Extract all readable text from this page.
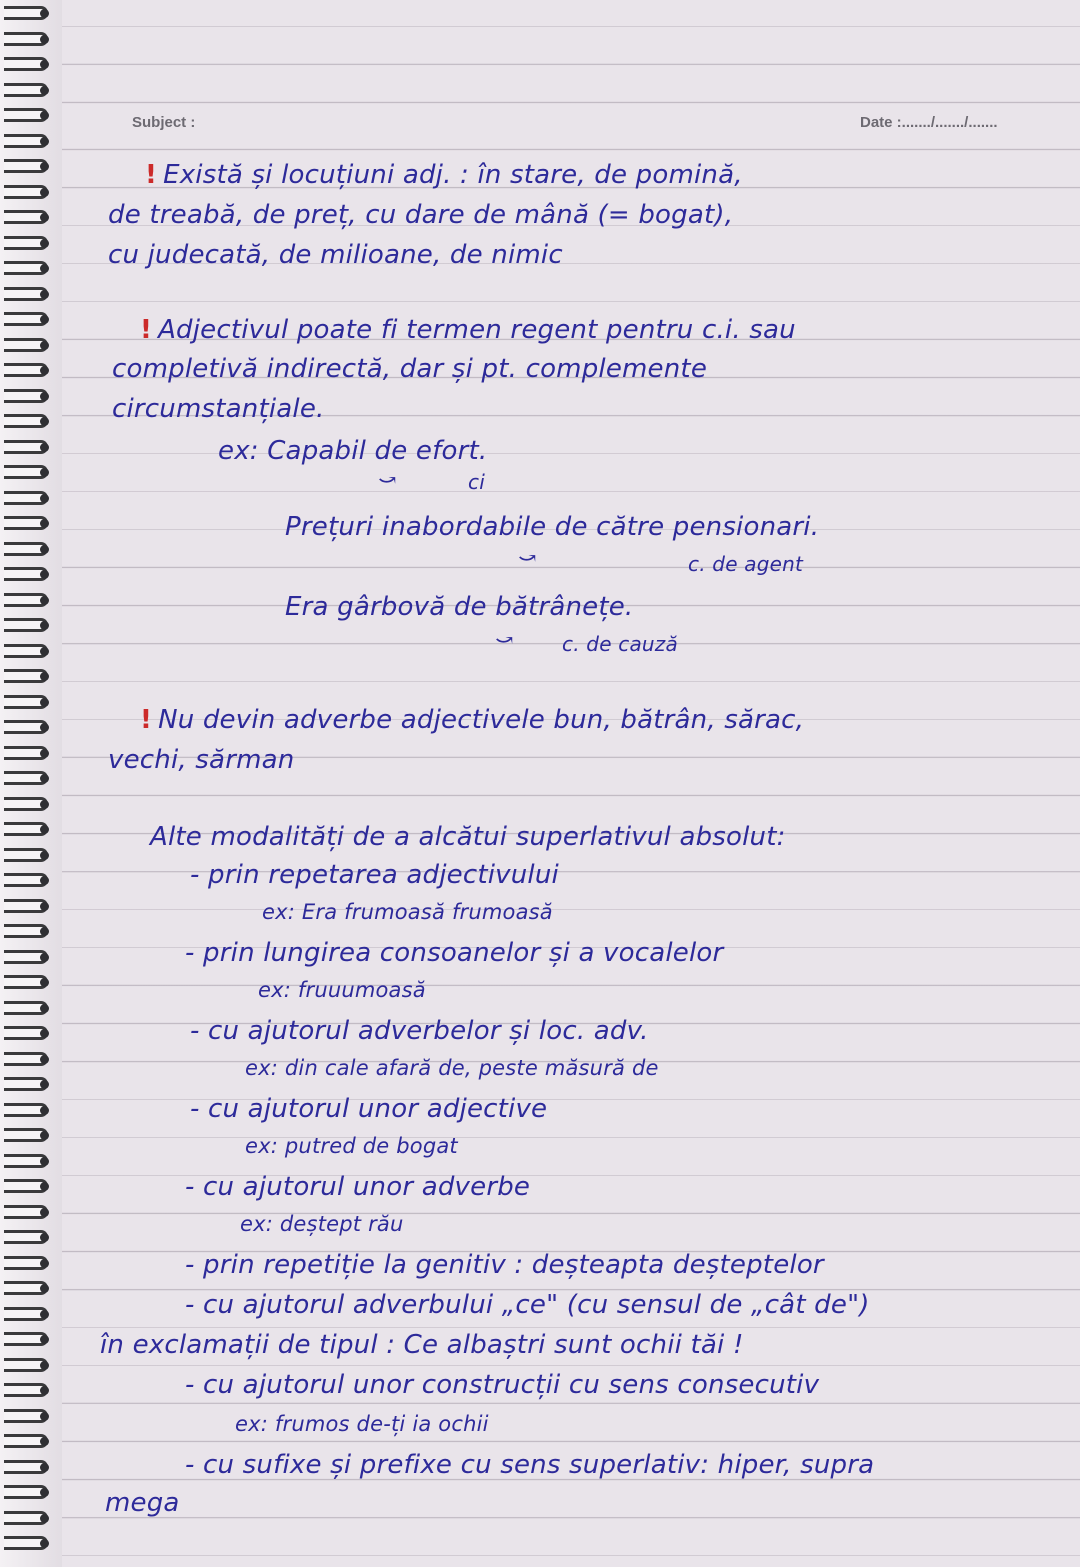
Subject :	Date :......./......./.......
! Există și locuțiuni adj. : în stare, de pomină,
de treabă, de preț, cu dare de mână (= bogat),
cu judecată, de milioane, de nimic
! Adjectivul poate fi termen regent pentru c.i. sau
completivă indirectă, dar și pt. complemente
circumstanțiale.
ex: Capabil de efort.
⤻	ci
Prețuri inabordabile de către pensionari.
⤻	c. de agent
Era gârbovă de bătrânețe.
⤻ c. de cauză
! Nu devin adverbe adjectivele bun, bătrân, sărac,
vechi, sărman
Alte modalități de a alcătui superlativul absolut:
- prin repetarea adjectivului
ex: Era frumoasă frumoasă
- prin lungirea consoanelor și a vocalelor
ex: fruuumoasă
- cu ajutorul adverbelor și loc. adv.
ex: din cale afară de, peste măsură de
- cu ajutorul unor adjective
ex: putred de bogat
- cu ajutorul unor adverbe
ex: deștept rău
- prin repetiție la genitiv : deșteapta deșteptelor
- cu ajutorul adverbului „ce" (cu sensul de „cât de")
în exclamații de tipul : Ce albaștri sunt ochii tăi !
- cu ajutorul unor construcții cu sens consecutiv
ex: frumos de-ți ia ochii
- cu sufixe și prefixe cu sens superlativ: hiper, supra
mega
